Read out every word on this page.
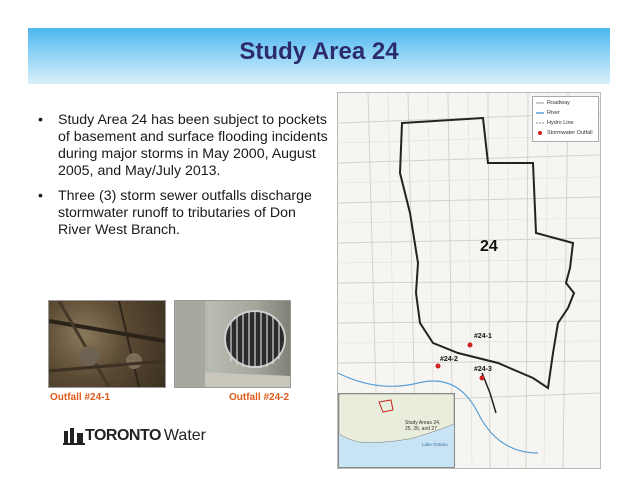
Study Area 24
• Study Area 24 has been subject to pockets of basement and surface flooding incidents during major storms in May 2000, August 2005, and May/July 2013.
• Three (3) storm sewer outfalls discharge stormwater runoff to tributaries of Don River West Branch.
Outfall #24-1	Outfall #24-2
TORONTO Water
Roadway
River
Hydro Line
Stormwater Outfall
24
#24-1
#24-2
#24-3
Study Areas 24,
25, 26, and 27
Lake Ontario
